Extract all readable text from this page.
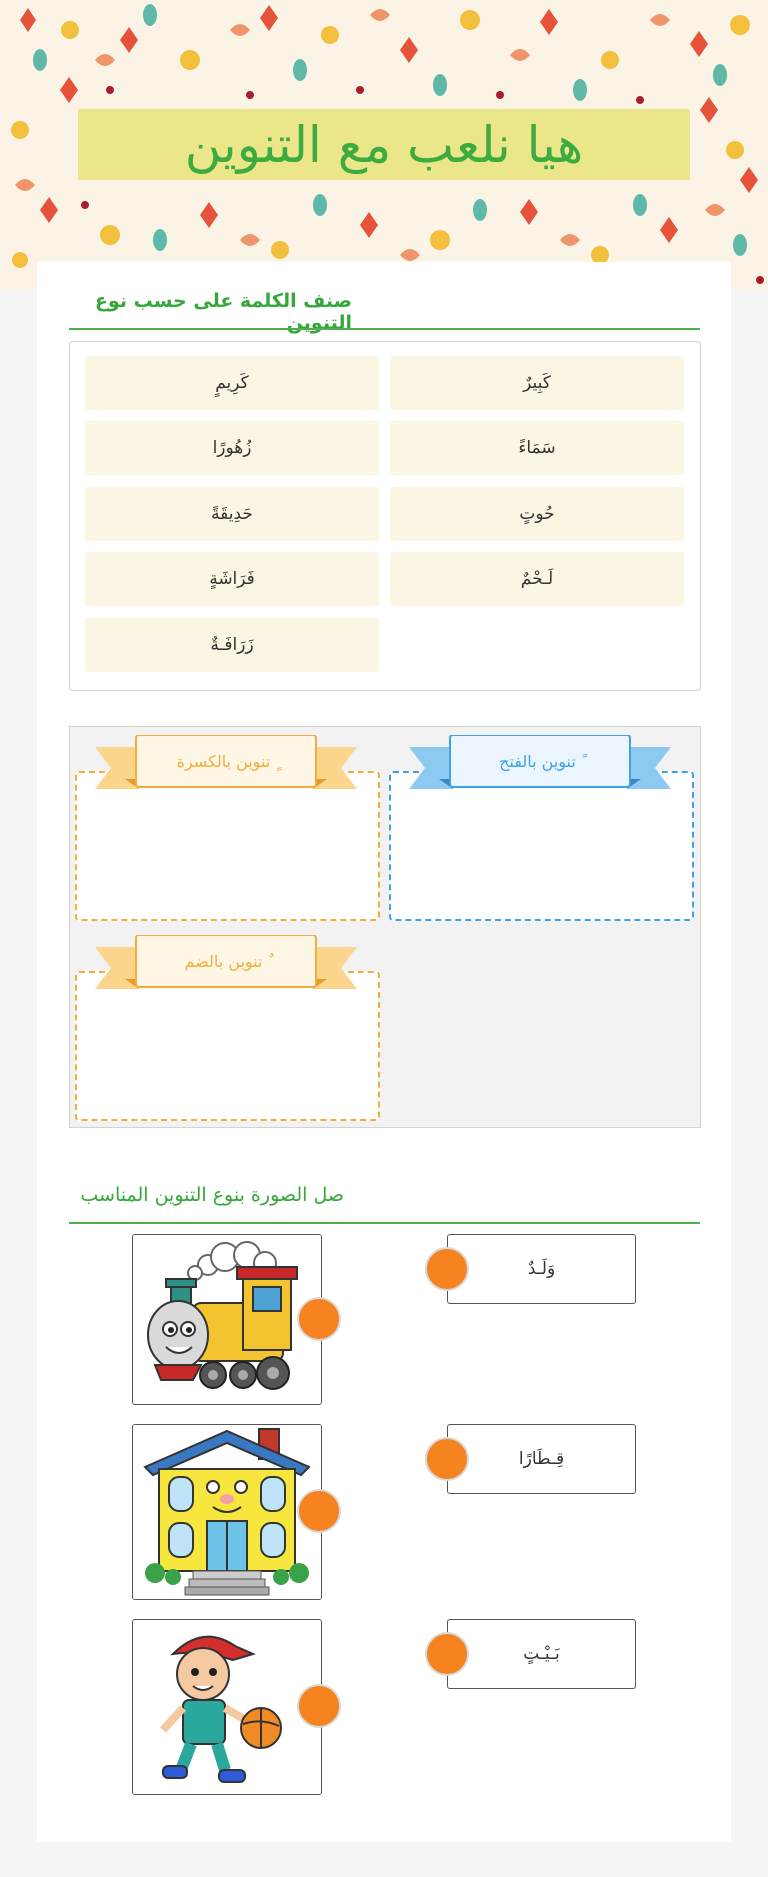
هيا نلعب مع التنوين
صنف الكلمة على حسب نوع التنوين
كَبِيرٌ
كَرِيمٍ
سَمَاءً
زُهُورًا
حُوتٍ
حَدِيقَةً
لَـحْمٌ
فَرَاشَةٍ
زَرَافَـةٌ
ً تنوين بالفتح
ٍ تنوين بالكسرة
ٌ تنوين بالضم
صل الصورة بنوع التنوين المناسب
وَلَـدٌ
قِـطَارًا
بَـيْـتٍ
